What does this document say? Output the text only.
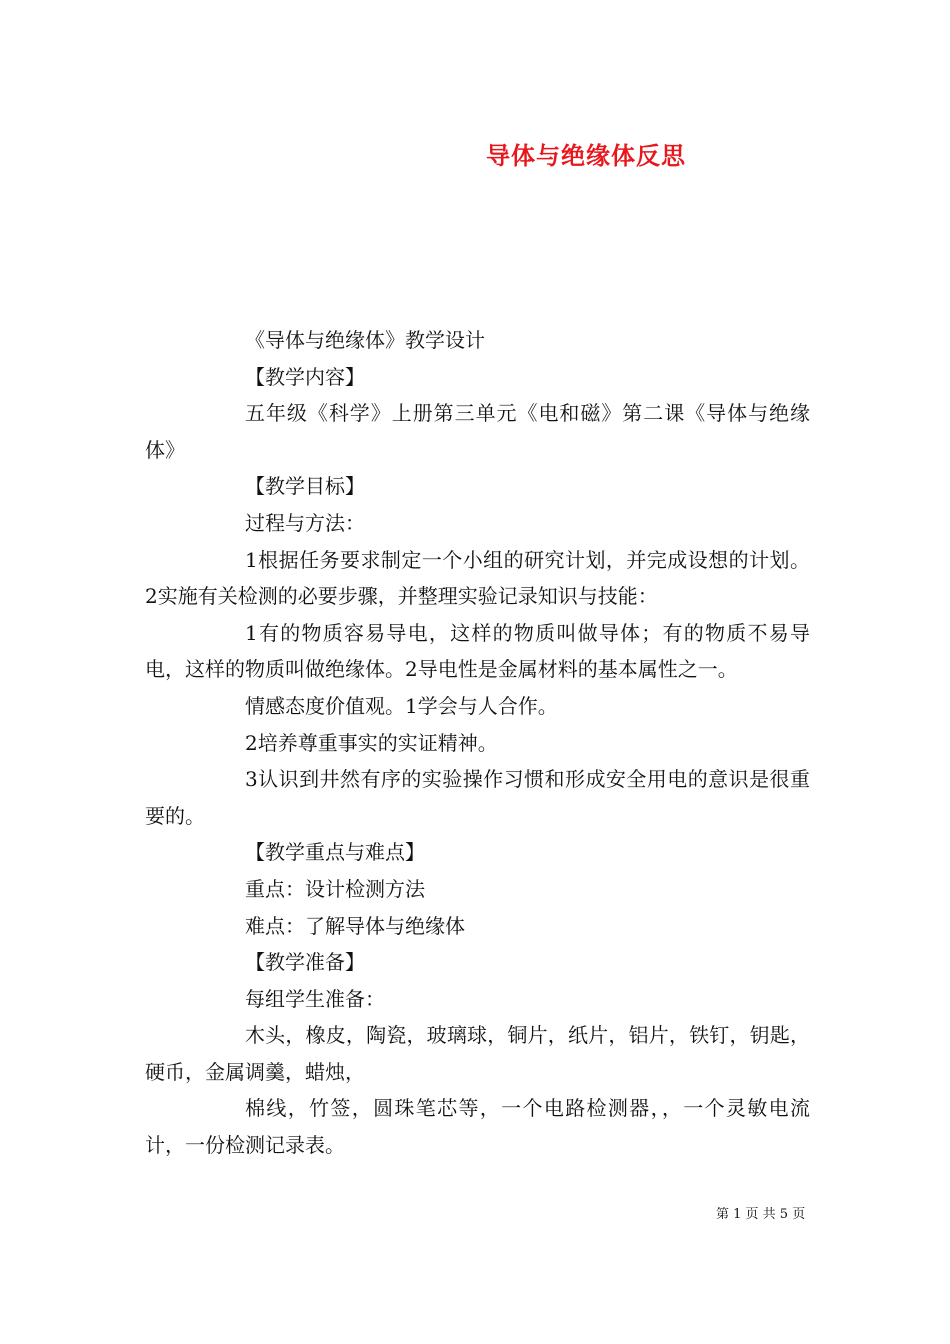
导体与绝缘体反思

《导体与绝缘体》教学设计

【教学内容】

五年级《科学》上册第三单元《电和磁》第二课《导体与绝缘体》

【教学目标】

过程与方法：

1根据任务要求制定一个小组的研究计划，并完成设想的计划。2实施有关检测的必要步骤，并整理实验记录知识与技能：

1有的物质容易导电，这样的物质叫做导体；有的物质不易导电，这样的物质叫做绝缘体。2导电性是金属材料的基本属性之一。

情感态度价值观。1学会与人合作。

2培养尊重事实的实证精神。

3认识到井然有序的实验操作习惯和形成安全用电的意识是很重要的。

【教学重点与难点】

重点：设计检测方法

难点：了解导体与绝缘体

【教学准备】

每组学生准备：

木头，橡皮，陶瓷，玻璃球，铜片，纸片，铝片，铁钉，钥匙，硬币，金属调羹，蜡烛，

棉线，竹签，圆珠笔芯等，一个电路检测器，，一个灵敏电流计，一份检测记录表。

第 1 页 共 5 页
